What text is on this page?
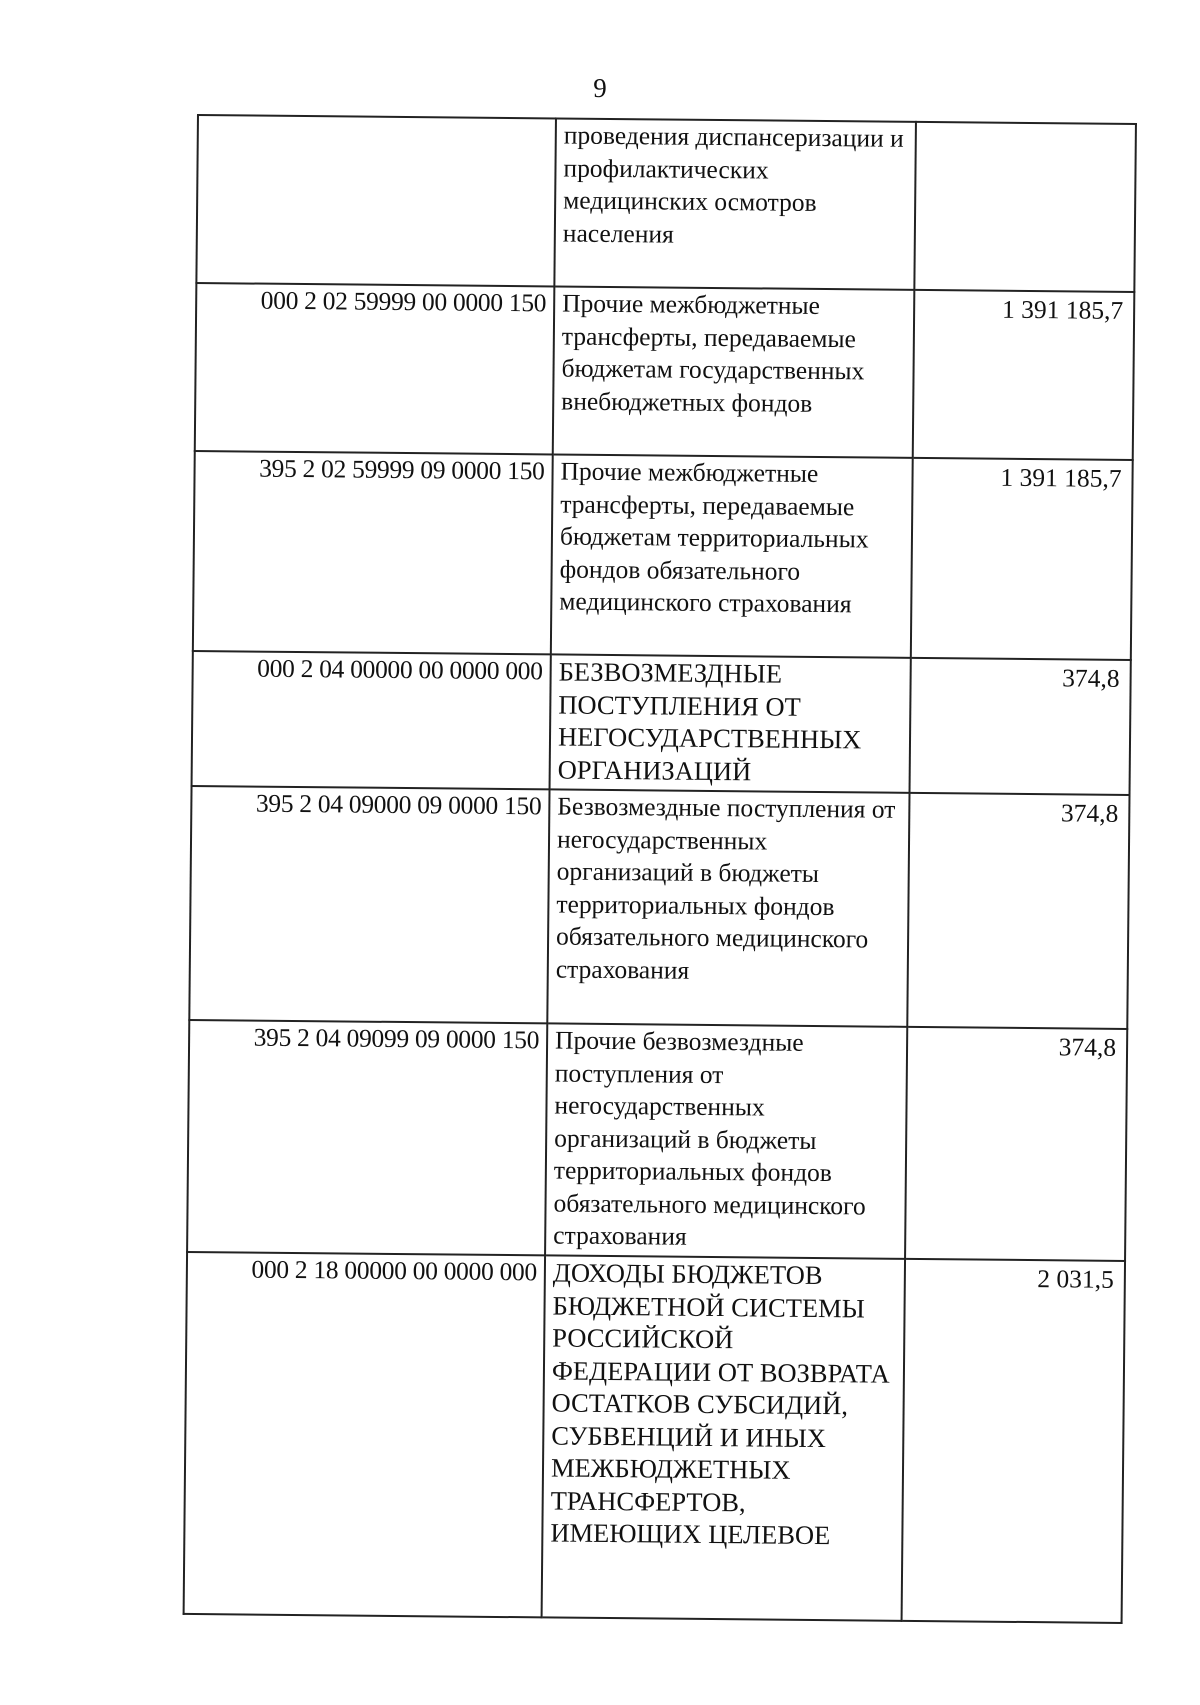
9
	проведения диспансеризации и профилактических медицинских осмотров населения	
000 2 02 59999 00 0000 150	Прочие межбюджетные трансферты, передаваемые бюджетам государственных внебюджетных фондов	1 391 185,7
395 2 02 59999 09 0000 150	Прочие межбюджетные трансферты, передаваемые бюджетам территориальных фондов обязательного медицинского страхования	1 391 185,7
000 2 04 00000 00 0000 000	БЕЗВОЗМЕЗДНЫЕ ПОСТУПЛЕНИЯ ОТ НЕГОСУДАРСТВЕННЫХ ОРГАНИЗАЦИЙ	374,8
395 2 04 09000 09 0000 150	Безвозмездные поступления от негосударственных организаций в бюджеты территориальных фондов обязательного медицинского страхования	374,8
395 2 04 09099 09 0000 150	Прочие безвозмездные поступления от негосударственных организаций в бюджеты территориальных фондов обязательного медицинского страхования	374,8
000 2 18 00000 00 0000 000	ДОХОДЫ БЮДЖЕТОВ БЮДЖЕТНОЙ СИСТЕМЫ РОССИЙСКОЙ ФЕДЕРАЦИИ ОТ ВОЗВРАТА ОСТАТКОВ СУБСИДИЙ, СУБВЕНЦИЙ И ИНЫХ МЕЖБЮДЖЕТНЫХ ТРАНСФЕРТОВ, ИМЕЮЩИХ ЦЕЛЕВОЕ	2 031,5
